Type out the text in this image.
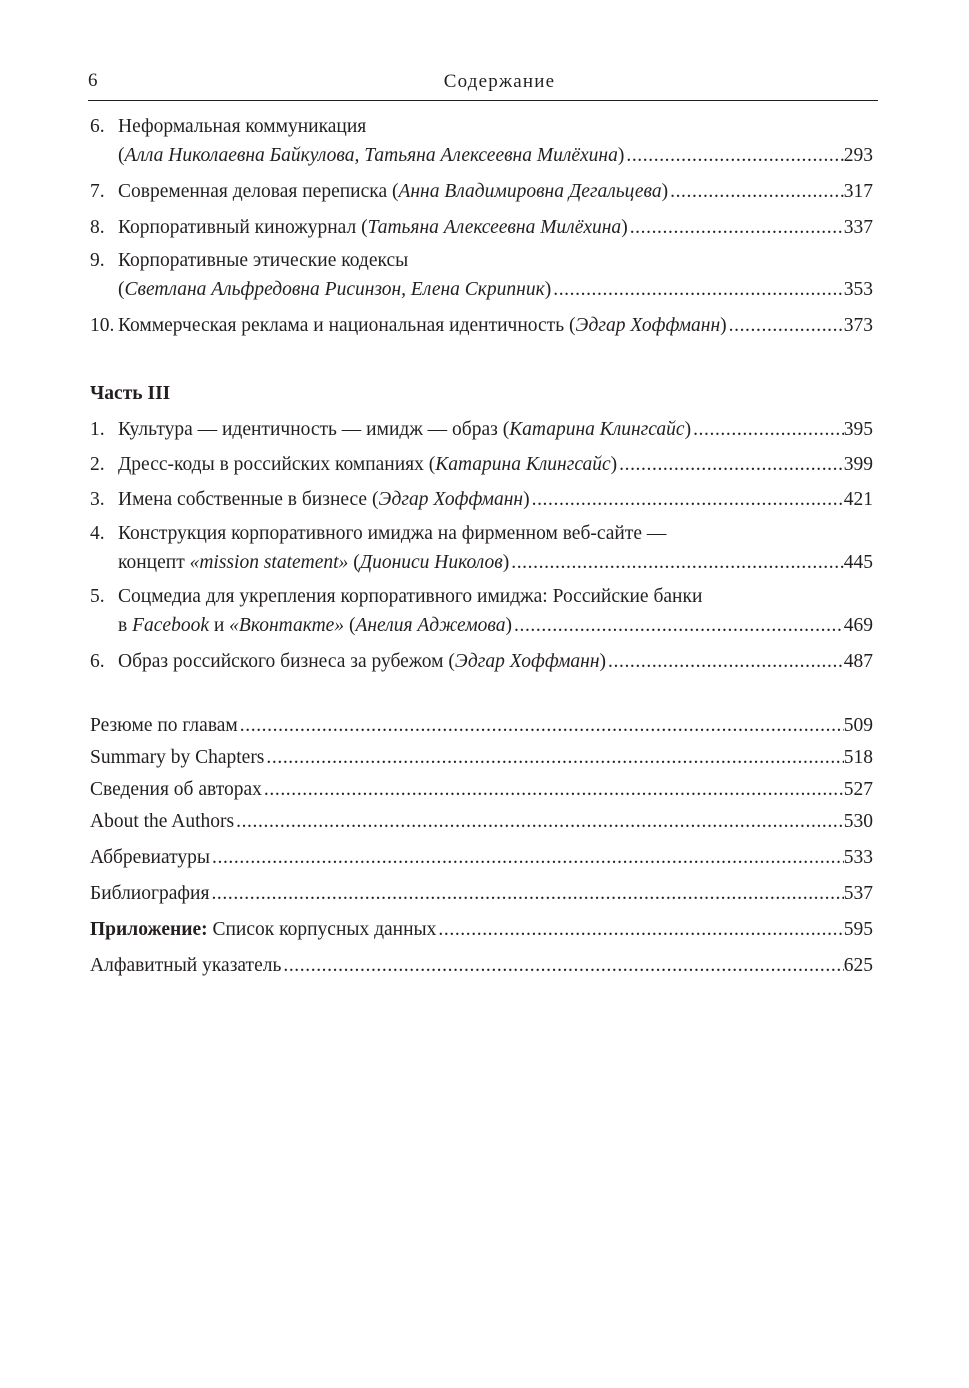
6	Содержание
Часть III
6. Неформальная коммуникация
(Алла Николаевна Байкулова, Татьяна Алексеевна Милёхина) .....	293
7. Современная деловая переписка (Анна Владимировна Дегальцева) .....	317
8. Корпоративный киножурнал (Татьяна Алексеевна Милёхина) .....	337
9. Корпоративные этические кодексы
(Светлана Альфредовна Рисинзон, Елена Скрипник) .....	353
10. Коммерческая реклама и национальная идентичность (Эдгар Хоффманн) .....	373
1. Культура — идентичность — имидж — образ (Катарина Клингсайс) .....	395
2. Дресс-коды в российских компаниях (Катарина Клингсайс) .....	399
3. Имена собственные в бизнесе (Эдгар Хоффманн) .....	421
4. Конструкция корпоративного имиджа на фирменном веб-сайте —
концепт «mission statement» (Диониси Николов) .....	445
5. Соцмедиа для укрепления корпоративного имиджа: Российские банки
в Facebook и «Вконтакте» (Анелия Аджемова) .....	469
6. Образ российского бизнеса за рубежом (Эдгар Хоффманн) .....	487
Резюме по главам .....	509
Summary by Chapters .....	518
Сведения об авторах .....	527
About the Authors .....	530
Аббревиатуры .....	533
Библиография .....	537
Приложение: Список корпусных данных .....	595
Алфавитный указатель .....	625
